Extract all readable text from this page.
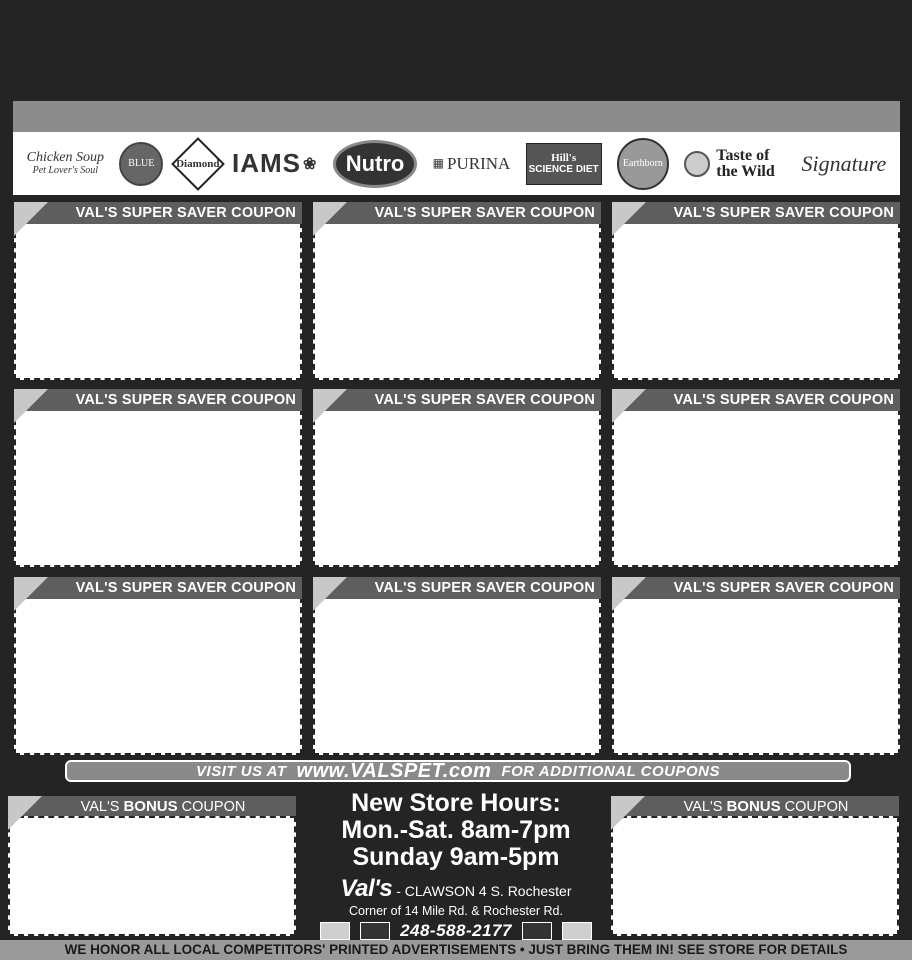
Chicken Soup
Pet Lover's Soul
BLUE Diamond IAMS ❀ Nutro ▦ PURINA	Hill's
SCIENCE DIET
Earthborn	Taste of the Wild	Signature
VAL'S SUPER SAVER COUPON	VAL'S SUPER SAVER COUPON	VAL'S SUPER SAVER COUPON
VAL'S SUPER SAVER COUPON	VAL'S SUPER SAVER COUPON	VAL'S SUPER SAVER COUPON
VAL'S SUPER SAVER COUPON	VAL'S SUPER SAVER COUPON	VAL'S SUPER SAVER COUPON
VISIT US AT www.VALSPET.com FOR ADDITIONAL COUPONS
VAL'S BONUS COUPON	New Store Hours:
Mon.-Sat. 8am-7pm
Sunday 9am-5pm
Val's - CLAWSON 4 S. Rochester
Corner of 14 Mile Rd. & Rochester Rd.
248-588-2177
VAL'S BONUS COUPON
WE HONOR ALL LOCAL COMPETITORS' PRINTED ADVERTISEMENTS • JUST BRING THEM IN! SEE STORE FOR DETAILS
